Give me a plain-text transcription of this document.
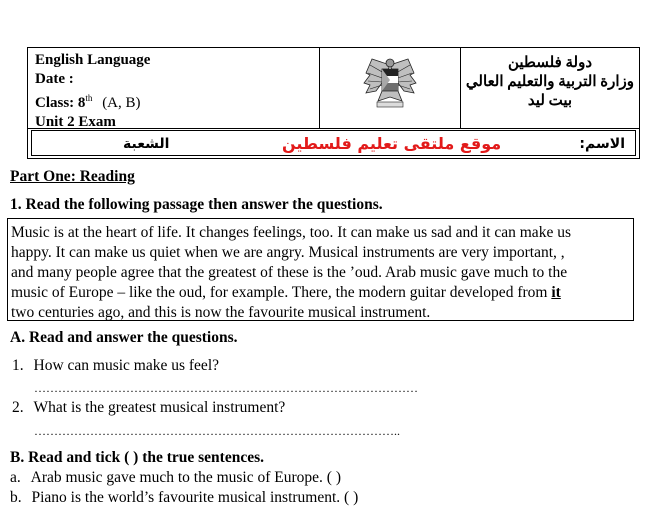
English Language
Date :
Class: 8th (A, B)
Unit 2 Exam
دولة فلسطين
وزارة التربية والتعليم العالي
بيت ليد
الشعبة	موقع ملتقى تعليم فلسطين	الاسم:
Part One: Reading
1. Read the following passage then answer the questions.
Music is at the heart of life. It changes feelings, too. It can make us sad and it can make us
happy. It can make us quiet when we are angry. Musical instruments are very important, ,
and many people agree that the greatest of these is the ’oud. Arab music gave much to the
music of Europe – like the oud, for example. There, the modern guitar developed from it
two centuries ago, and this is now the favourite musical instrument.
A. Read and answer the questions.
1. How can music make us feel?
……………………………………………………………………………………
2. What is the greatest musical instrument?
………………………………………………………………………………..
B. Read and tick ( ) the true sentences.
a. Arab music gave much to the music of Europe. ( )
b. Piano is the world’s favourite musical instrument. ( )
